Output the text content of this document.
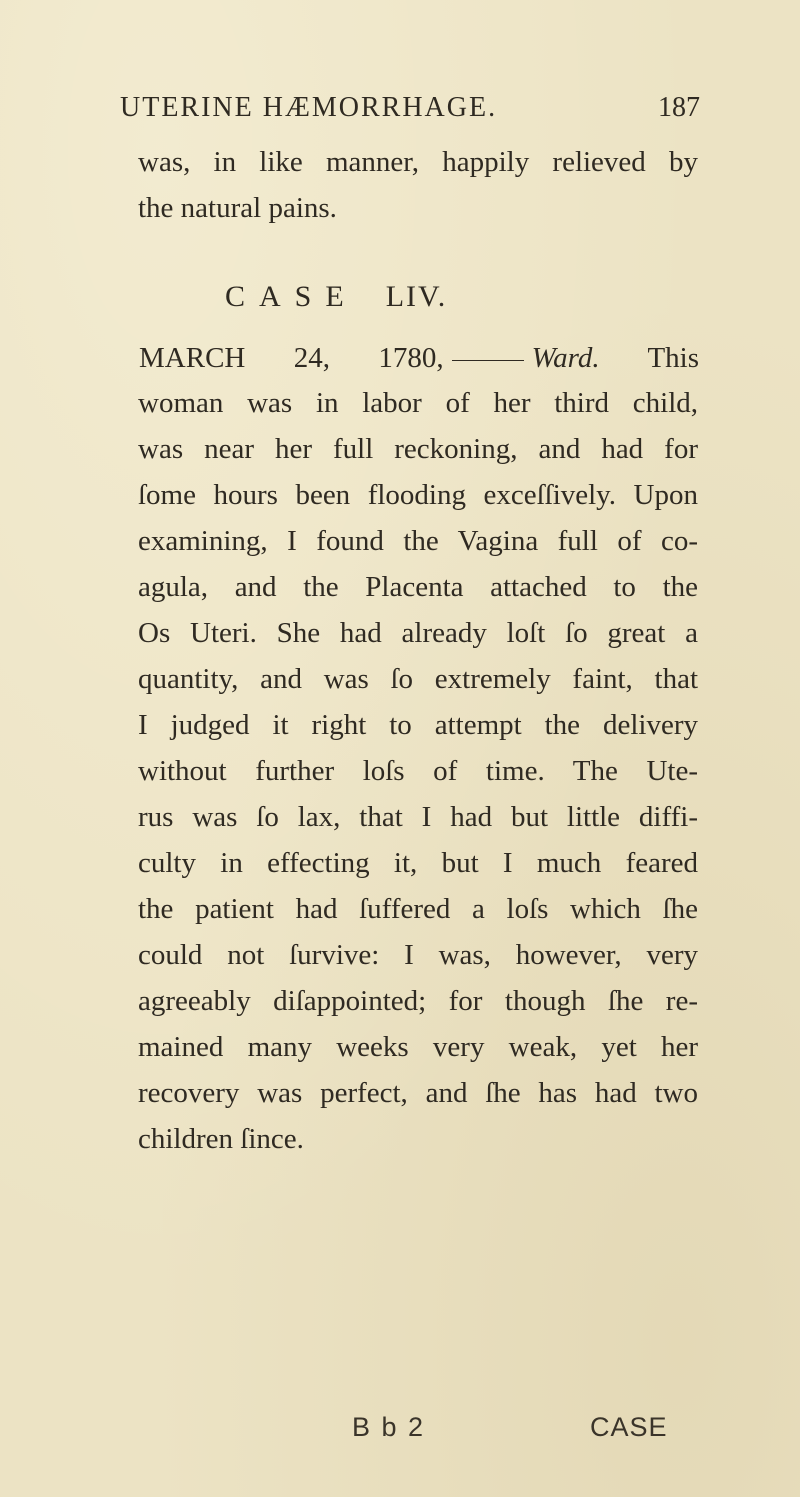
UTERINE HÆMORRHAGE.	187
was, in like manner, happily relieved by
the natural pains.
CASE LIV.
MARCH 24, 1780,	Ward. This
woman was in labor of her third child,
was near her full reckoning, and had for
ſome hours been flooding exceſſively. Upon
examining, I found the Vagina full of co-
agula, and the Placenta attached to the
Os Uteri. She had already loſt ſo great a
quantity, and was ſo extremely faint, that
I judged it right to attempt the delivery
without further loſs of time. The Ute-
rus was ſo lax, that I had but little diffi-
culty in effecting it, but I much feared
the patient had ſuffered a loſs which ſhe
could not ſurvive: I was, however, very
agreeably diſappointed; for though ſhe re-
mained many weeks very weak, yet her
recovery was perfect, and ſhe has had two
children ſince.
B b 2	CASE
